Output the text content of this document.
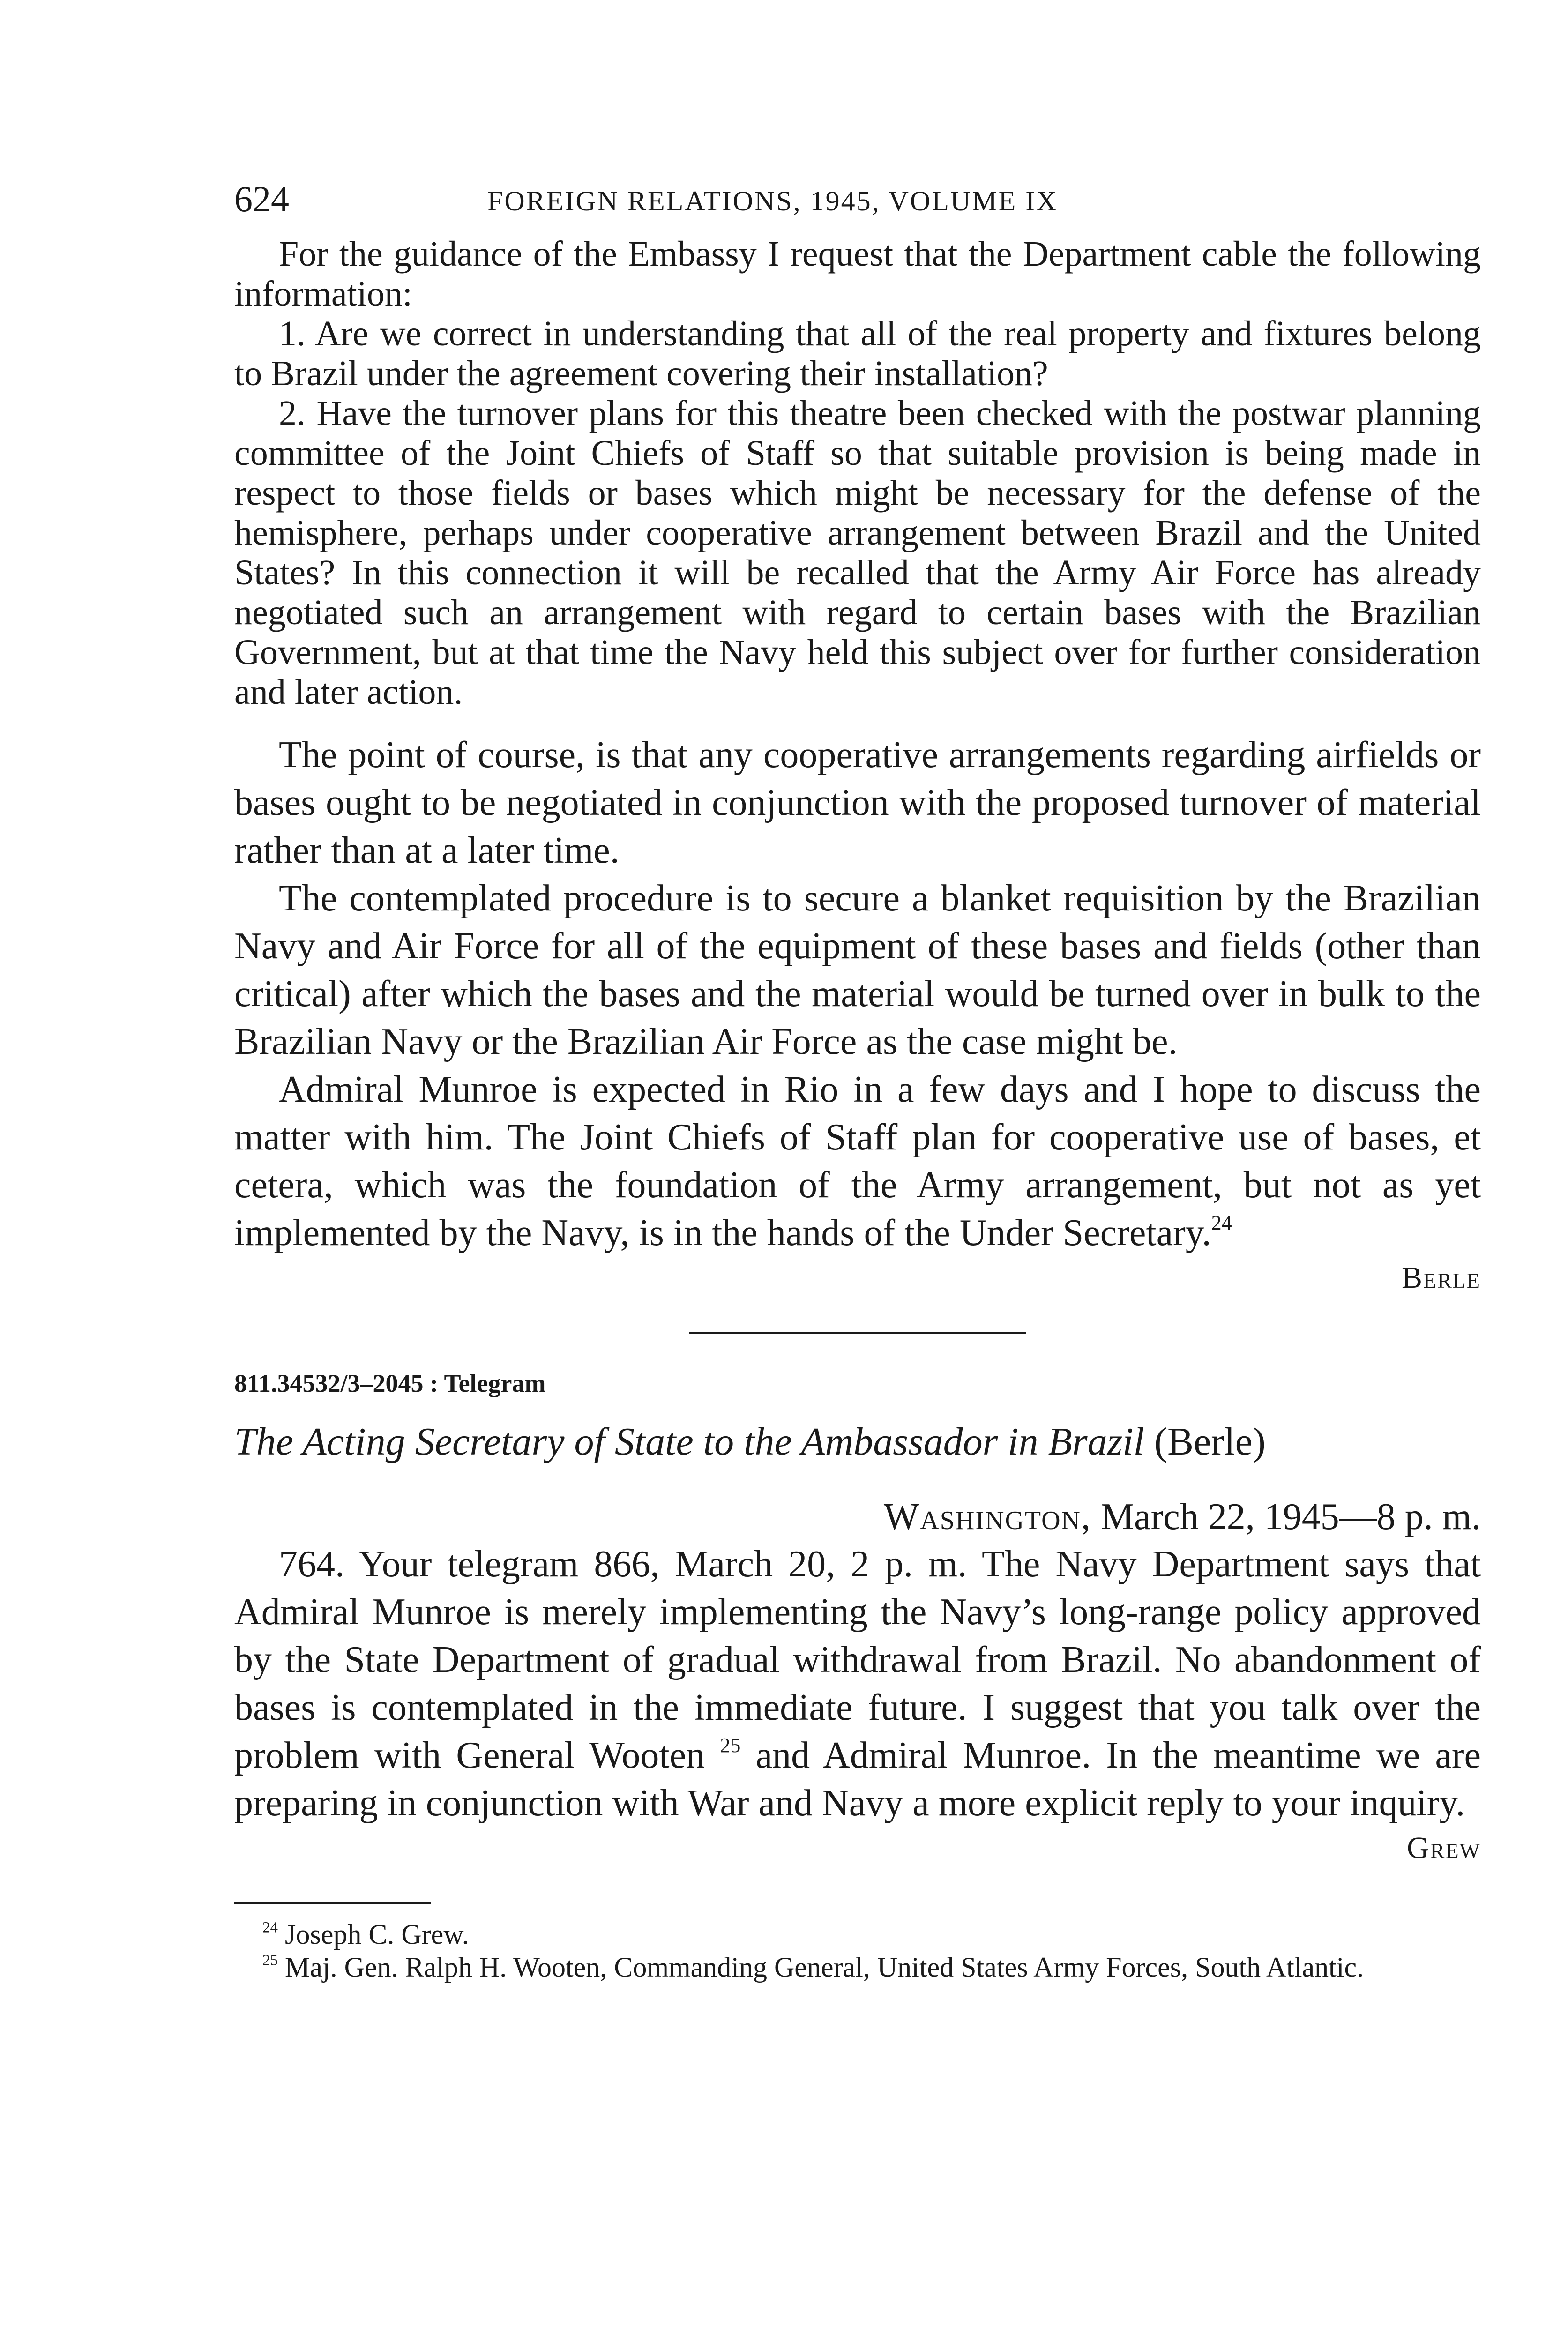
624	FOREIGN RELATIONS, 1945, VOLUME IX

For the guidance of the Embassy I request that the Department cable the following information:

1. Are we correct in understanding that all of the real property and fixtures belong to Brazil under the agreement covering their installation?

2. Have the turnover plans for this theatre been checked with the postwar planning committee of the Joint Chiefs of Staff so that suitable provision is being made in respect to those fields or bases which might be necessary for the defense of the hemisphere, perhaps under cooperative arrangement between Brazil and the United States? In this connection it will be recalled that the Army Air Force has already negotiated such an arrangement with regard to certain bases with the Brazilian Government, but at that time the Navy held this subject over for further consideration and later action.

The point of course, is that any cooperative arrangements regarding airfields or bases ought to be negotiated in conjunction with the proposed turnover of material rather than at a later time.

The contemplated procedure is to secure a blanket requisition by the Brazilian Navy and Air Force for all of the equipment of these bases and fields (other than critical) after which the bases and the material would be turned over in bulk to the Brazilian Navy or the Brazilian Air Force as the case might be.

Admiral Munroe is expected in Rio in a few days and I hope to discuss the matter with him. The Joint Chiefs of Staff plan for cooperative use of bases, et cetera, which was the foundation of the Army arrangement, but not as yet implemented by the Navy, is in the hands of the Under Secretary.$^{24}$

Berle
811.34532/3–2045 : Telegram
The Acting Secretary of State to the Ambassador in Brazil (Berle)
Washington, March 22, 1945—8 p. m.

764. Your telegram 866, March 20, 2 p. m. The Navy Department says that Admiral Munroe is merely implementing the Navy’s long-range policy approved by the State Department of gradual withdrawal from Brazil. No abandonment of bases is contemplated in the immediate future. I suggest that you talk over the problem with General Wooten $^{25}$ and Admiral Munroe. In the meantime we are preparing in conjunction with War and Navy a more explicit reply to your inquiry.

Grew
$^{24}$ Joseph C. Grew.
$^{25}$ Maj. Gen. Ralph H. Wooten, Commanding General, United States Army Forces, South Atlantic.
